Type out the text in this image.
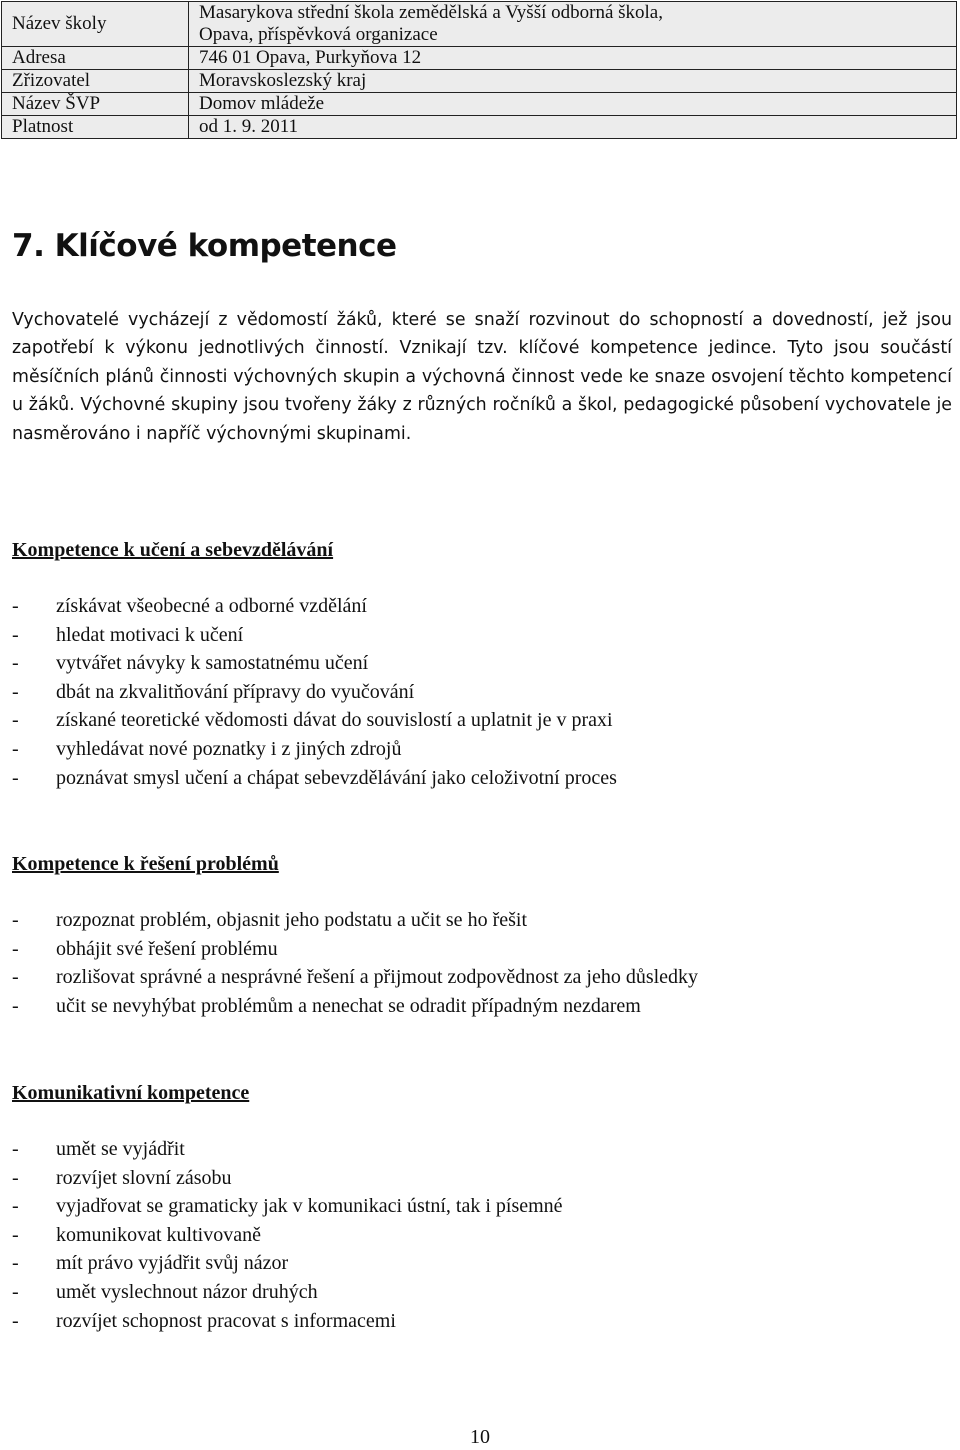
Název školy	Masarykova střední škola zemědělská a Vyšší odborná škola,
Opava, příspěvková organizace

Adresa	746 01 Opava, Purkyňova 12
Zřizovatel	Moravskoslezský kraj
Název ŠVP	Domov mládeže
Platnost	od 1. 9. 2011
7. Klíčové kompetence

Vychovatelé vycházejí z vědomostí žáků, které se snaží rozvinout do schopností a dovedností, jež jsou zapotřebí k výkonu jednotlivých činností. Vznikají tzv. klíčové kompetence jedince. Tyto jsou součástí měsíčních plánů činnosti výchovných skupin a výchovná činnost vede ke snaze osvojení těchto kompetencí u žáků. Výchovné skupiny jsou tvořeny žáky z různých ročníků a škol, pedagogické působení vychovatele je nasměrováno i napříč výchovnými skupinami.

Kompetence k učení a sebevzdělávání
- získávat všeobecné a odborné vzdělání
- hledat motivaci k učení
- vytvářet návyky k samostatnému učení
- dbát na zkvalitňování přípravy do vyučování
- získané teoretické vědomosti dávat do souvislostí a uplatnit je v praxi
- vyhledávat nové poznatky i z jiných zdrojů
- poznávat smysl učení a chápat sebevzdělávání jako celoživotní proces
Kompetence k řešení problémů
- rozpoznat problém, objasnit jeho podstatu a učit se ho řešit
- obhájit své řešení problému
- rozlišovat správné a nesprávné řešení a přijmout zodpovědnost za jeho důsledky
- učit se nevyhýbat problémům a nenechat se odradit případným nezdarem
Komunikativní kompetence
- umět se vyjádřit
- rozvíjet slovní zásobu
- vyjadřovat se gramaticky jak v komunikaci ústní, tak i písemné
- komunikovat kultivovaně
- mít právo vyjádřit svůj názor
- umět vyslechnout názor druhých
- rozvíjet schopnost pracovat s informacemi
10
